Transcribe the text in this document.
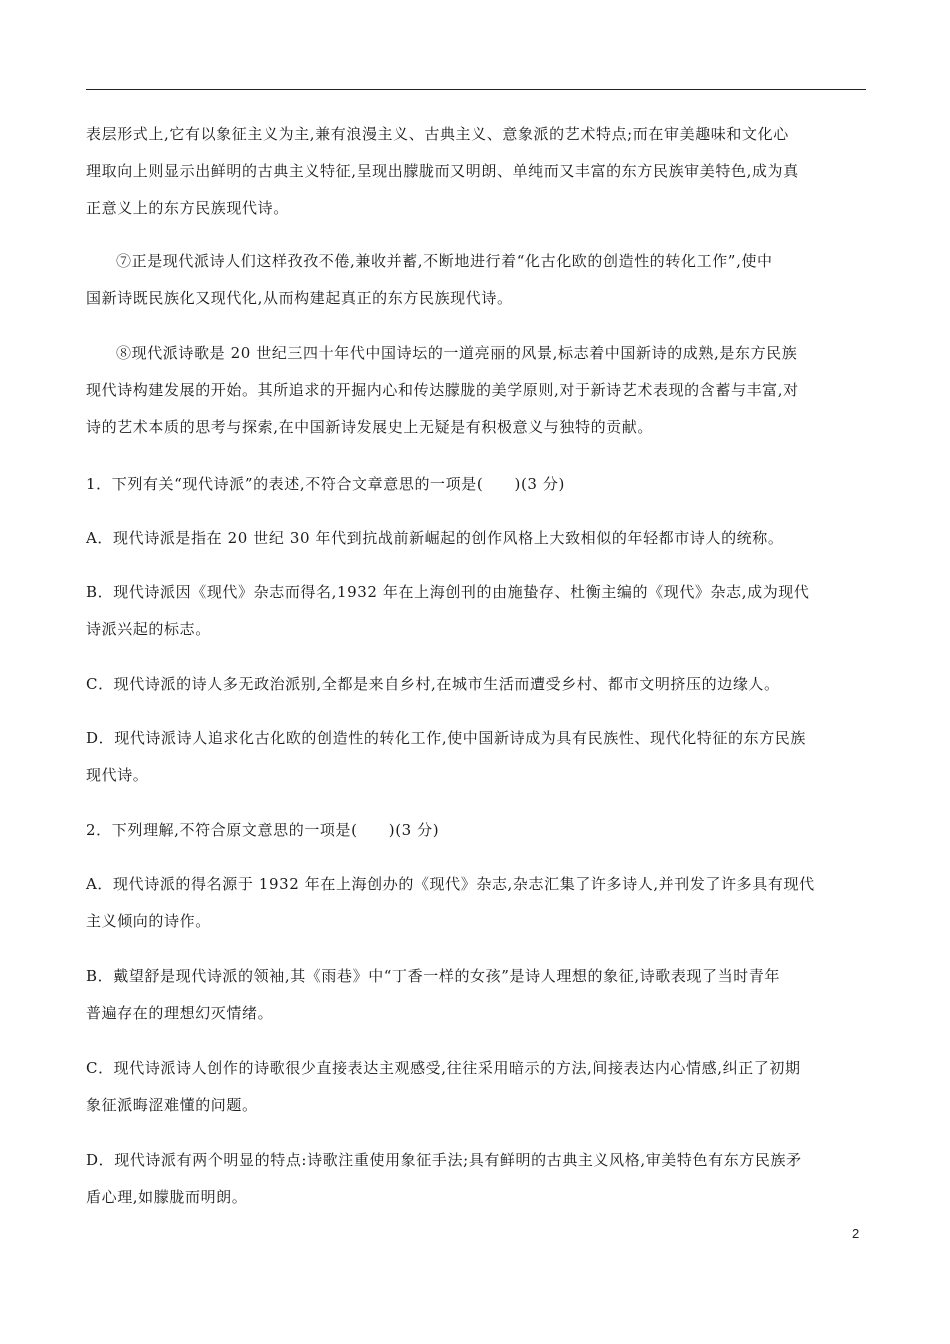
表层形式上,它有以象征主义为主,兼有浪漫主义、古典主义、意象派的艺术特点;而在审美趣味和文化心
理取向上则显示出鲜明的古典主义特征,呈现出朦胧而又明朗、单纯而又丰富的东方民族审美特色,成为真
正意义上的东方民族现代诗。
⑦正是现代派诗人们这样孜孜不倦,兼收并蓄,不断地进行着“化古化欧的创造性的转化工作”,使中
国新诗既民族化又现代化,从而构建起真正的东方民族现代诗。
⑧现代派诗歌是 20 世纪三四十年代中国诗坛的一道亮丽的风景,标志着中国新诗的成熟,是东方民族
现代诗构建发展的开始。其所追求的开掘内心和传达朦胧的美学原则,对于新诗艺术表现的含蓄与丰富,对
诗的艺术本质的思考与探索,在中国新诗发展史上无疑是有积极意义与独特的贡献。
1．下列有关“现代诗派”的表述,不符合文章意思的一项是(　　)(3 分)
A．现代诗派是指在 20 世纪 30 年代到抗战前新崛起的创作风格上大致相似的年轻都市诗人的统称。
B．现代诗派因《现代》杂志而得名,1932 年在上海创刊的由施蛰存、杜衡主编的《现代》杂志,成为现代
诗派兴起的标志。
C．现代诗派的诗人多无政治派别,全都是来自乡村,在城市生活而遭受乡村、都市文明挤压的边缘人。
D．现代诗派诗人追求化古化欧的创造性的转化工作,使中国新诗成为具有民族性、现代化特征的东方民族
现代诗。
2．下列理解,不符合原文意思的一项是(　　)(3 分)
A．现代诗派的得名源于 1932 年在上海创办的《现代》杂志,杂志汇集了许多诗人,并刊发了许多具有现代
主义倾向的诗作。
B．戴望舒是现代诗派的领袖,其《雨巷》中“丁香一样的女孩”是诗人理想的象征,诗歌表现了当时青年
普遍存在的理想幻灭情绪。
C．现代诗派诗人创作的诗歌很少直接表达主观感受,往往采用暗示的方法,间接表达内心情感,纠正了初期
象征派晦涩难懂的问题。
D．现代诗派有两个明显的特点:诗歌注重使用象征手法;具有鲜明的古典主义风格,审美特色有东方民族矛
盾心理,如朦胧而明朗。
2
